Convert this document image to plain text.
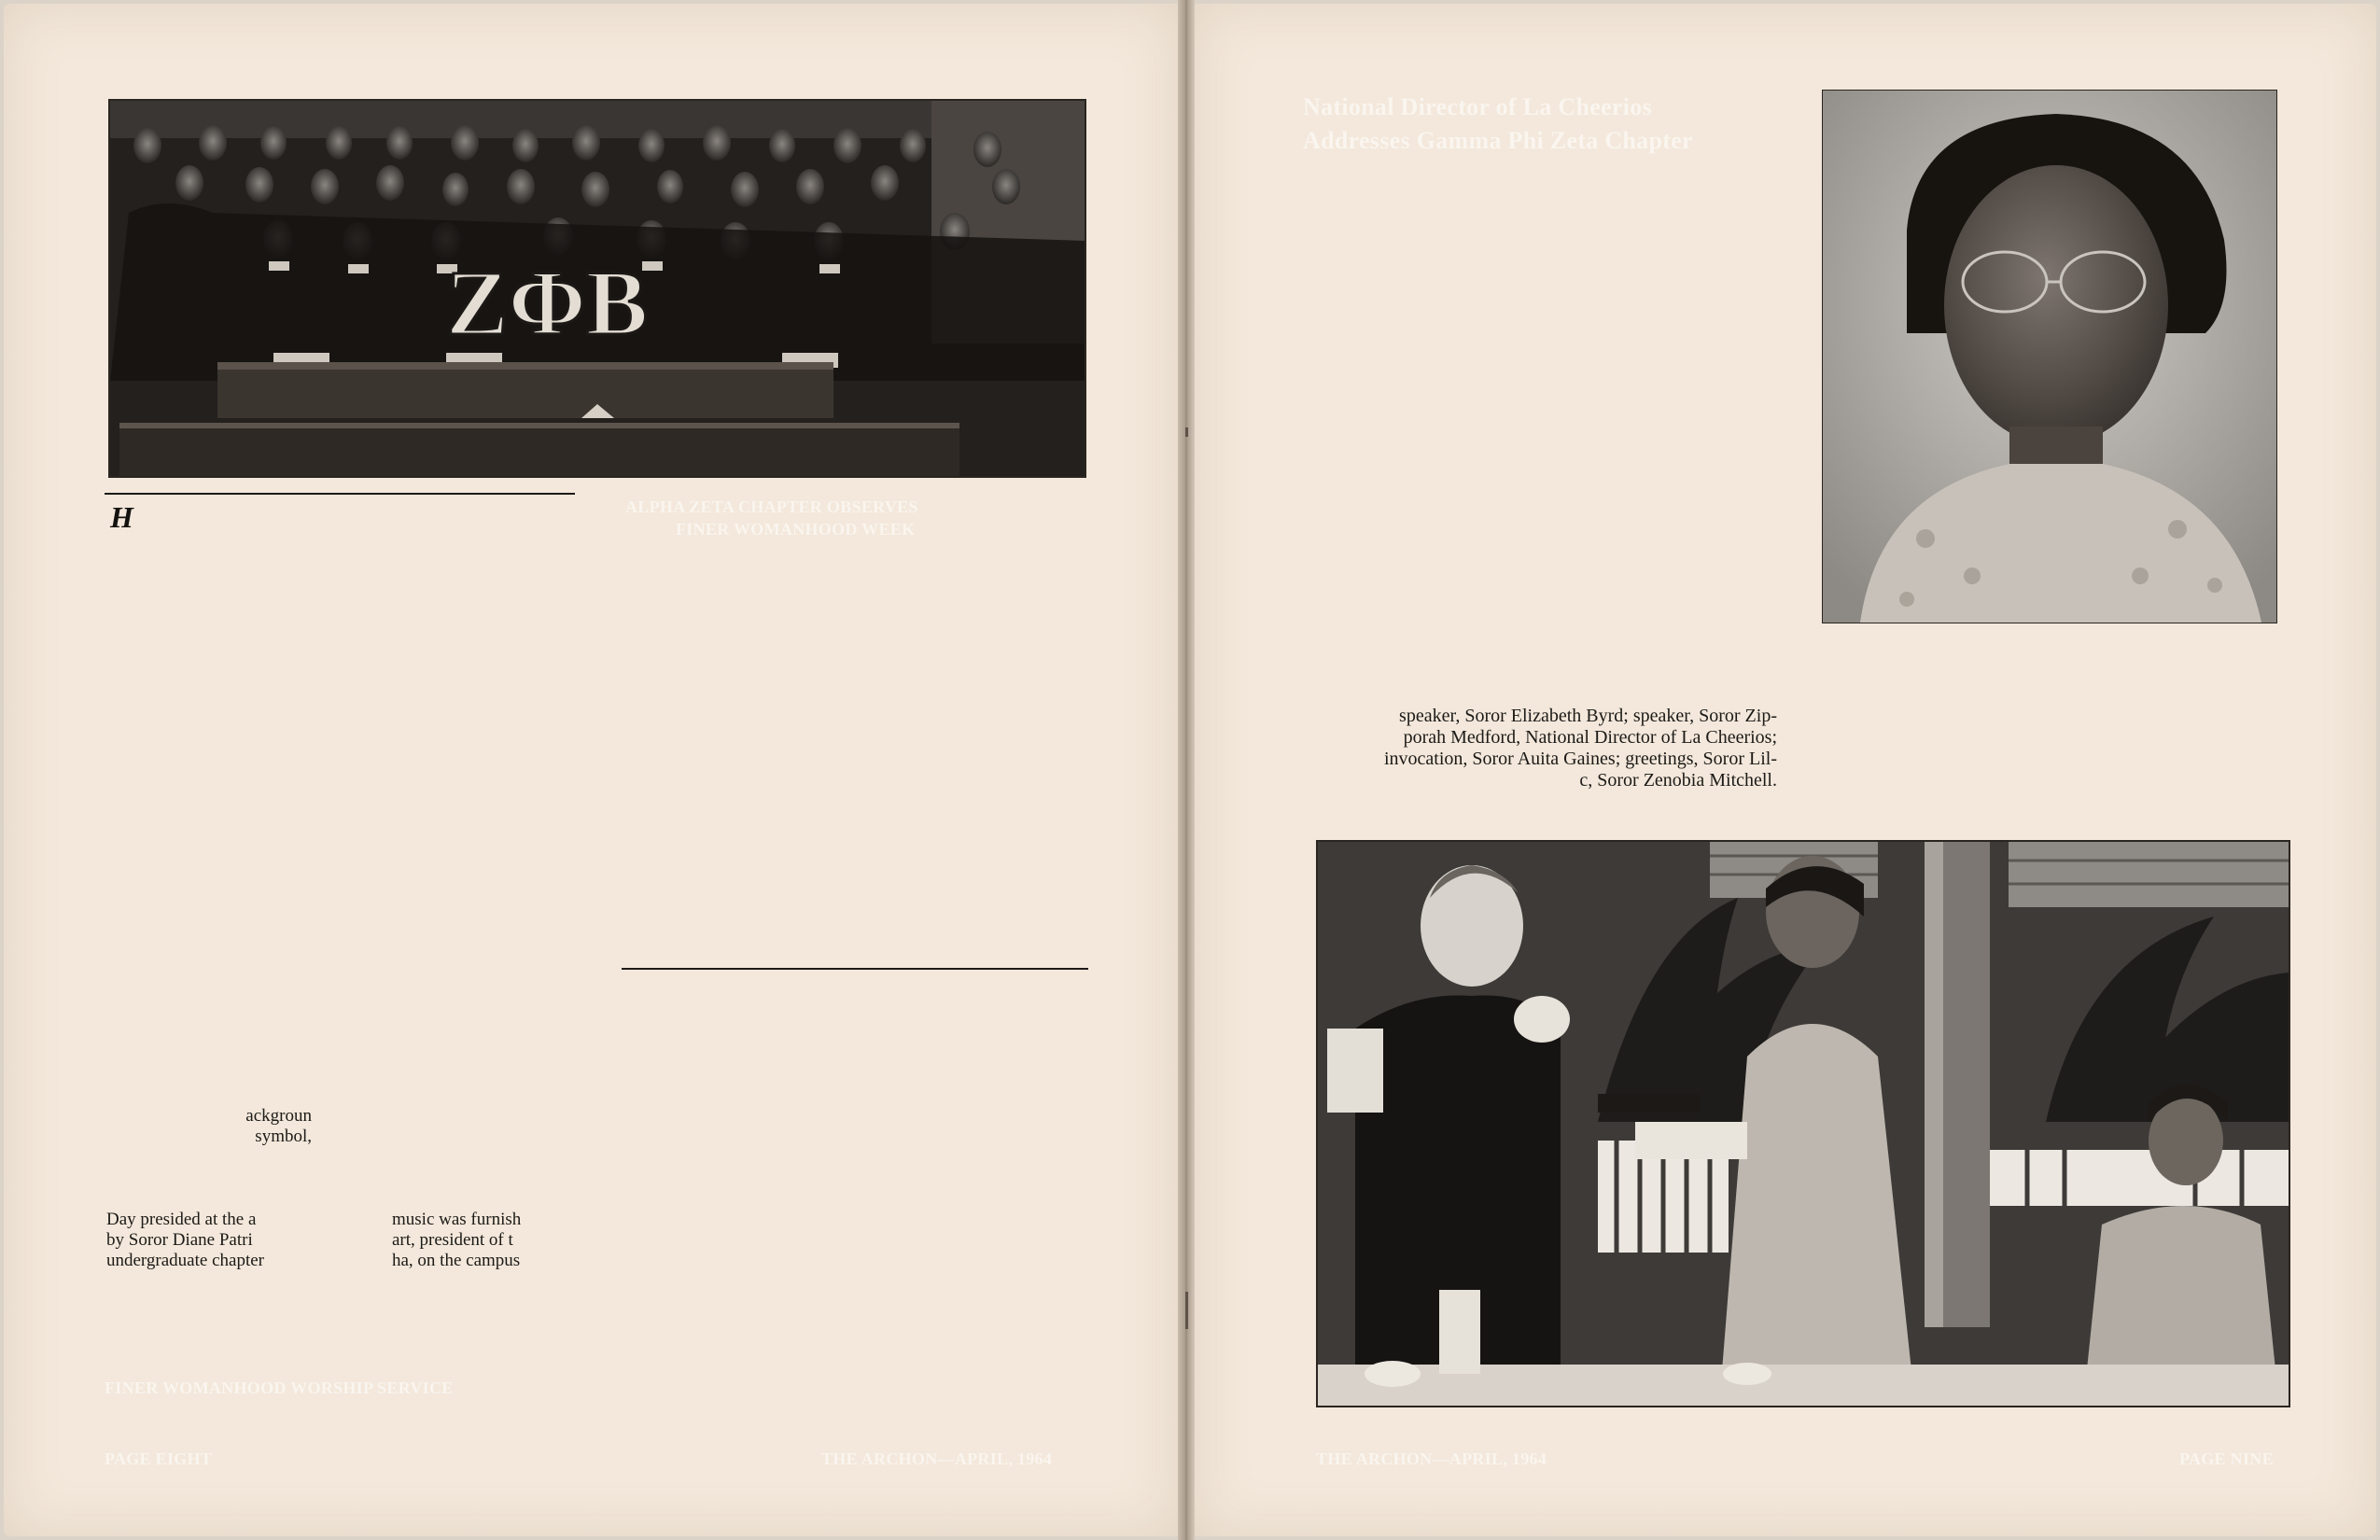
ZΦB
H	ALPHA ZETA CHAPTER OBSERVES
FINER WOMANHOOD WEEK
FINER WOMANHOOD WORSHIP SERVICE
PAGE EIGHT	THE ARCHON—APRIL, 1964
ackgroun
symbol,
Day presided at the a
by Soror Diane Patri
undergraduate chapter
music was furnish
art, president of t
ha, on the campus
National Director of La Cheerios
Addresses Gamma Phi Zeta Chapter
speaker, Soror Elizabeth Byrd; speaker, Soror Zip-
porah Medford, National Director of La Cheerios;
invocation, Soror Auita Gaines; greetings, Soror Lil-
c, Soror Zenobia Mitchell.
THE ARCHON—APRIL, 1964	PAGE NINE
